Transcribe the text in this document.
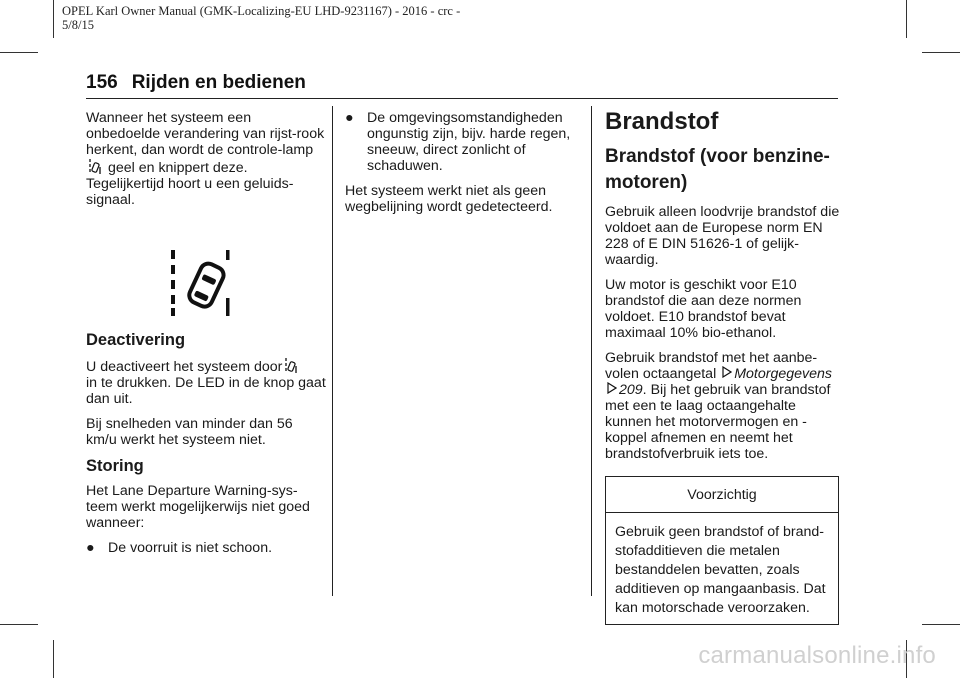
OPEL Karl Owner Manual (GMK-Localizing-EU LHD-9231167) - 2016 - crc -
5/8/15
156 Rijden en bedienen

Wanneer het systeem een onbedoelde verandering van rijst-rook herkent, dan wordt de controle-lamp  geel en knippert deze. Tegelijkertijd hoort u een geluids-signaal.

Deactivering

U deactiveert het systeem door
in te drukken. De LED in de knop gaat dan uit.

Bij snelheden van minder dan 56 km/u werkt het systeem niet.

Storing

Het Lane Departure Warning-sys-teem werkt mogelijkerwijs niet goed wanneer:

● De voorruit is niet schoon.
● De omgevingsomstandigheden ongunstig zijn, bijv. harde regen, sneeuw, direct zonlicht of schaduwen.

Het systeem werkt niet als geen wegbelijning wordt gedetecteerd.

Brandstof
Brandstof (voor benzine-motoren)

Gebruik alleen loodvrije brandstof die voldoet aan de Europese norm EN 228 of E DIN 51626-1 of gelijk-waardig.

Uw motor is geschikt voor E10 brandstof die aan deze normen voldoet. E10 brandstof bevat maximaal 10% bio-ethanol.

Gebruik brandstof met het aanbe-volen octaangetal Motorgegevens
209. Bij het gebruik van brandstof met een te laag octaangehalte kunnen het motorvermogen en -koppel afnemen en neemt het brandstofverbruik iets toe.

Voorzichtig
Gebruik geen brandstof of brand-stofadditieven die metalen bestanddelen bevatten, zoals additieven op mangaanbasis. Dat kan motorschade veroorzaken.
carmanualsonline.info
